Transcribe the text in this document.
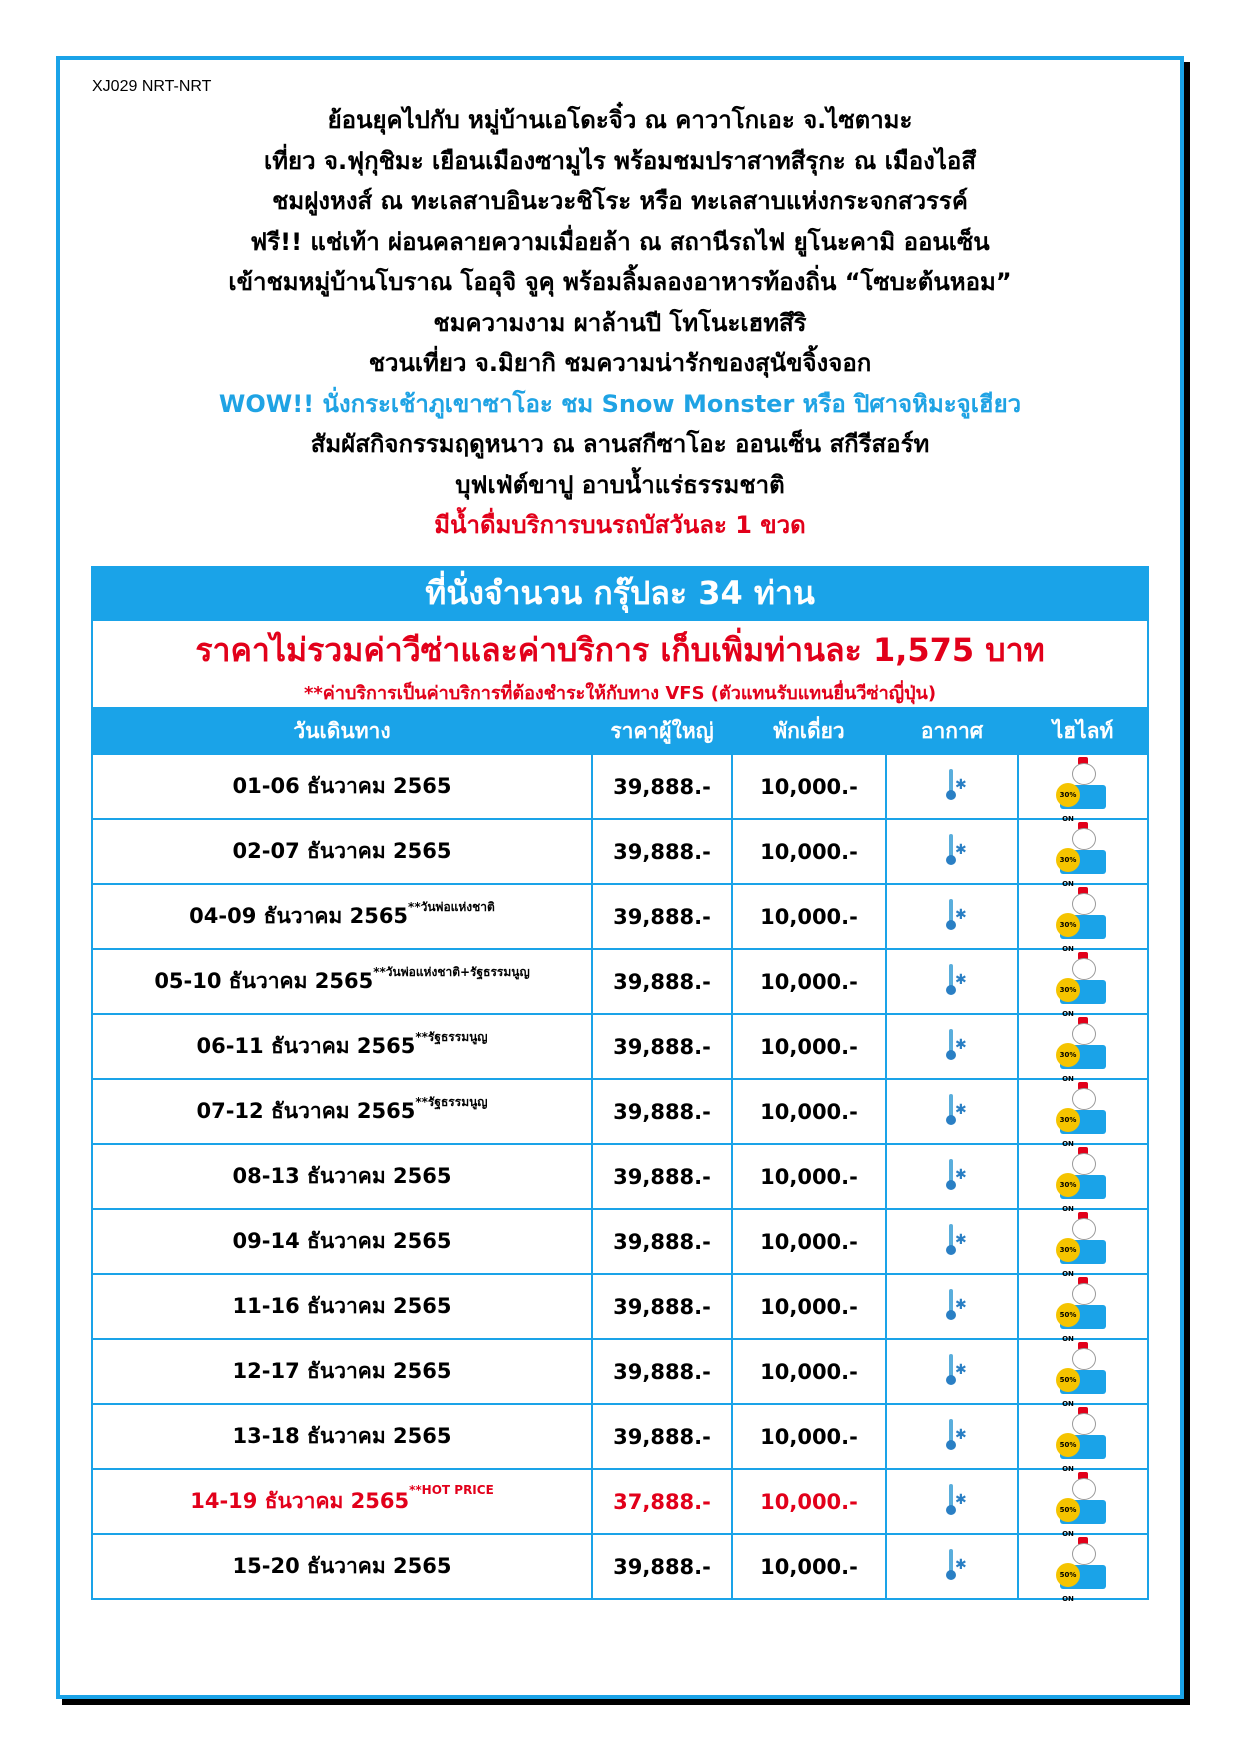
XJ029 NRT-NRT
ย้อนยุคไปกับ หมู่บ้านเอโดะจิ๋ว ณ คาวาโกเอะ จ.ไซตามะ
เที่ยว จ.ฟุกุชิมะ เยือนเมืองซามูไร พร้อมชมปราสาทสีรุกะ ณ เมืองไอสึ
ชมฝูงหงส์ ณ ทะเลสาบอินะวะชิโระ หรือ ทะเลสาบแห่งกระจกสวรรค์
ฟรี!! แช่เท้า ผ่อนคลายความเมื่อยล้า ณ สถานีรถไฟ ยูโนะคามิ ออนเซ็น
เข้าชมหมู่บ้านโบราณ โออุจิ จูคุ พร้อมลิ้มลองอาหารท้องถิ่น “โซบะต้นหอม”
ชมความงาม ผาล้านปี โทโนะเฮทสึริ
ชวนเที่ยว จ.มิยากิ ชมความน่ารักของสุนัขจิ้งจอก
WOW!! นั่งกระเช้าภูเขาซาโอะ ชม Snow Monster หรือ ปิศาจหิมะจูเฮียว
สัมผัสกิจกรรมฤดูหนาว ณ ลานสกีซาโอะ ออนเซ็น สกีรีสอร์ท
บุฟเฟ่ต์ขาปู อาบน้ำแร่ธรรมชาติ
มีน้ำดื่มบริการบนรถบัสวันละ 1 ขวด
ที่นั่งจำนวน กรุ๊ปละ 34 ท่าน				

ราคาไม่รวมค่าวีซ่าและค่าบริการ เก็บเพิ่มท่านละ 1,575 บาท
**ค่าบริการเป็นค่าบริการที่ต้องชำระให้กับทาง VFS (ตัวแทนรับแทนยื่นวีซ่าญี่ปุ่น)				

วันเดินทาง	ราคาผู้ใหญ่	พักเดี่ยว	อากาศ	ไฮไลท์
01-06 ธันวาคม 2565	39,888.-	10,000.-	✱	30% ON

02-07 ธันวาคม 2565	39,888.-	10,000.-	✱	30% ON

04-09 ธันวาคม $2565^{**วันพ่อแห่งชาติ}$	39,888.-	10,000.-	✱	30% ON

05-10 ธันวาคม $2565^{**วันพ่อแห่งชาติ+รัฐธรรมนูญ}$	39,888.-	10,000.-	✱	30% ON

06-11 ธันวาคม $2565^{**รัฐธรรมนูญ}$	39,888.-	10,000.-	✱	30% ON

07-12 ธันวาคม $2565^{**รัฐธรรมนูญ}$	39,888.-	10,000.-	✱	30% ON

08-13 ธันวาคม 2565	39,888.-	10,000.-	✱	30% ON

09-14 ธันวาคม 2565	39,888.-	10,000.-	✱	30% ON

11-16 ธันวาคม 2565	39,888.-	10,000.-	✱	50% ON

12-17 ธันวาคม 2565	39,888.-	10,000.-	✱	50% ON

13-18 ธันวาคม 2565	39,888.-	10,000.-	✱	50% ON

14-19 ธันวาคม $2565^{**HOT PRICE}$	37,888.-	10,000.-	✱	50% ON

15-20 ธันวาคม 2565	39,888.-	10,000.-	✱	50% ON
